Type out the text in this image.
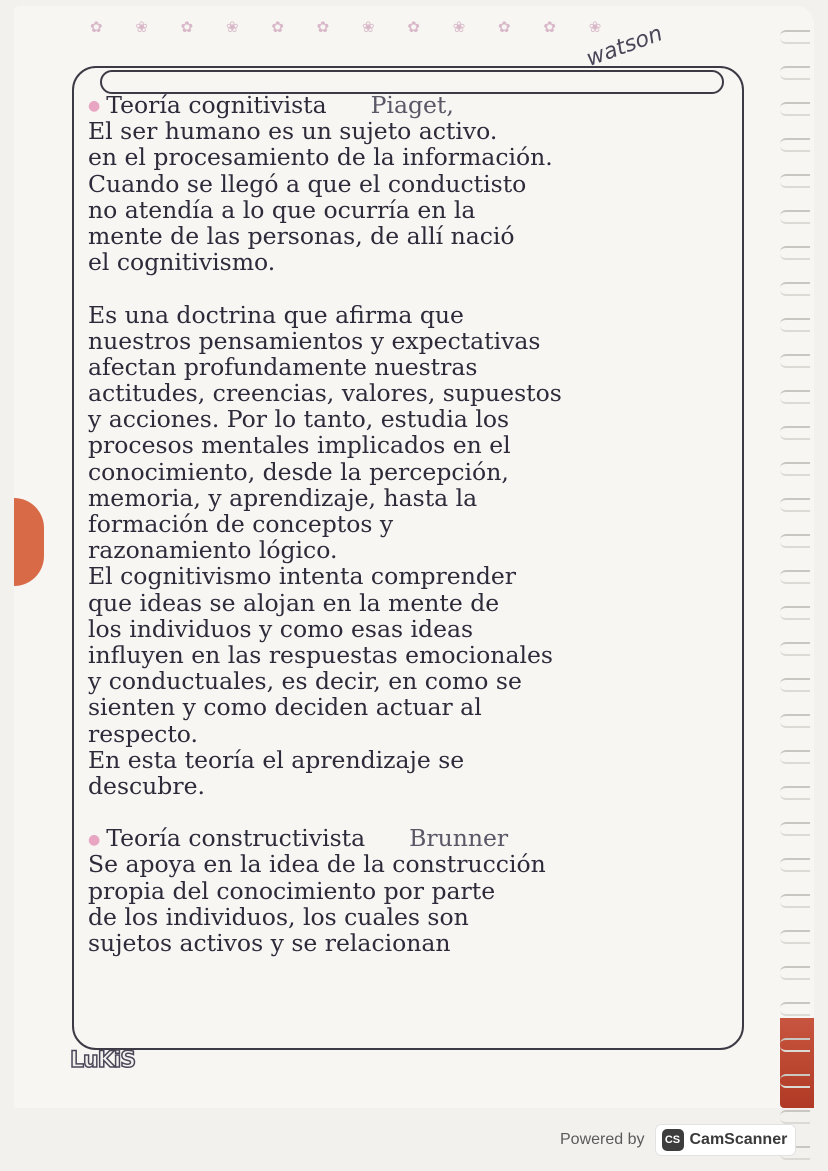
✿ ❀ ✿ ❀ ✿ ✿ ❀ ✿ ❀ ✿ ✿ ❀
watson
● Teoría cognitivista Piaget,
El ser humano es un sujeto activo.
en el procesamiento de la información.
Cuando se llegó a que el conductisto
no atendía a lo que ocurría en la
mente de las personas, de allí nació
el cognitivismo.
Es una doctrina que afirma que
nuestros pensamientos y expectativas
afectan profundamente nuestras
actitudes, creencias, valores, supuestos
y acciones. Por lo tanto, estudia los
procesos mentales implicados en el
conocimiento, desde la percepción,
memoria, y aprendizaje, hasta la
formación de conceptos y
razonamiento lógico.
El cognitivismo intenta comprender
que ideas se alojan en la mente de
los individuos y como esas ideas
influyen en las respuestas emocionales
y conductuales, es decir, en como se
sienten y como deciden actuar al
respecto.
En esta teoría el aprendizaje se
descubre.
● Teoría constructivista Brunner
Se apoya en la idea de la construcción
propia del conocimiento por parte
de los individuos, los cuales son
sujetos activos y se relacionan
LuKiS
Powered by	CS CamScanner
